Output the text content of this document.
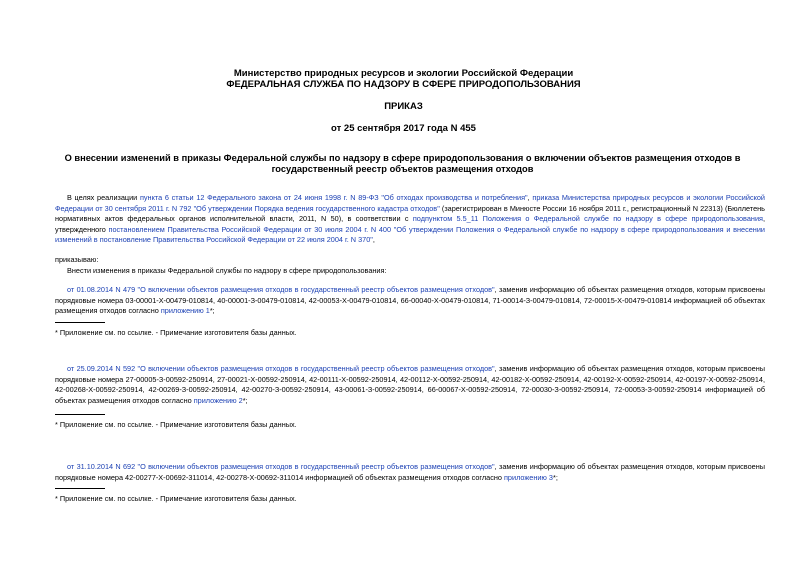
Министерство природных ресурсов и экологии Российской Федерации
ФЕДЕРАЛЬНАЯ СЛУЖБА ПО НАДЗОРУ В СФЕРЕ ПРИРОДОПОЛЬЗОВАНИЯ
ПРИКАЗ
от 25 сентября 2017 года N 455
О внесении изменений в приказы Федеральной службы по надзору в сфере природопользования о включении объектов размещения отходов в государственный реестр объектов размещения отходов
В целях реализации пункта 6 статьи 12 Федерального закона от 24 июня 1998 г. N 89-ФЗ "Об отходах производства и потребления", приказа Министерства природных ресурсов и экологии Российской Федерации от 30 сентября 2011 г. N 792 "Об утверждении Порядка ведения государственного кадастра отходов" (зарегистрирован в Минюсте России 16 ноября 2011 г., регистрационный N 22313) (Бюллетень нормативных актов федеральных органов исполнительной власти, 2011, N 50), в соответствии с подпунктом 5.5_11 Положения о Федеральной службе по надзору в сфере природопользования, утвержденного постановлением Правительства Российской Федерации от 30 июля 2004 г. N 400 "Об утверждении Положения о Федеральной службе по надзору в сфере природопользования и внесении изменений в постановление Правительства Российской Федерации от 22 июля 2004 г. N 370",
приказываю:
Внести изменения в приказы Федеральной службы по надзору в сфере природопользования:
от 01.08.2014 N 479 "О включении объектов размещения отходов в государственный реестр объектов размещения отходов", заменив информацию об объектах размещения отходов, которым присвоены порядковые номера 03-00001-Х-00479-010814, 40-00001-З-00479-010814, 42-00053-Х-00479-010814, 66-00040-Х-00479-010814, 71-00014-З-00479-010814, 72-00015-Х-00479-010814 информацией об объектах размещения отходов согласно приложению 1*;
* Приложение см. по ссылке. - Примечание изготовителя базы данных.
от 25.09.2014 N 592 "О включении объектов размещения отходов в государственный реестр объектов размещения отходов", заменив информацию об объектах размещения отходов, которым присвоены порядковые номера 27-00005-З-00592-250914, 27-00021-Х-00592-250914, 42-00111-Х-00592-250914, 42-00112-Х-00592-250914, 42-00182-Х-00592-250914, 42-00192-Х-00592-250914, 42-00197-Х-00592-250914, 42-00268-Х-00592-250914, 42-00269-З-00592-250914, 42-00270-З-00592-250914, 43-00061-З-00592-250914, 66-00067-Х-00592-250914, 72-00030-З-00592-250914, 72-00053-З-00592-250914 информацией об объектах размещения отходов согласно приложению 2*;
* Приложение см. по ссылке. - Примечание изготовителя базы данных.
от 31.10.2014 N 692 "О включении объектов размещения отходов в государственный реестр объектов размещения отходов", заменив информацию об объектах размещения отходов, которым присвоены порядковые номера 42-00277-Х-00692-311014, 42-00278-Х-00692-311014 информацией об объектах размещения отходов согласно приложению 3*;
* Приложение см. по ссылке. - Примечание изготовителя базы данных.
